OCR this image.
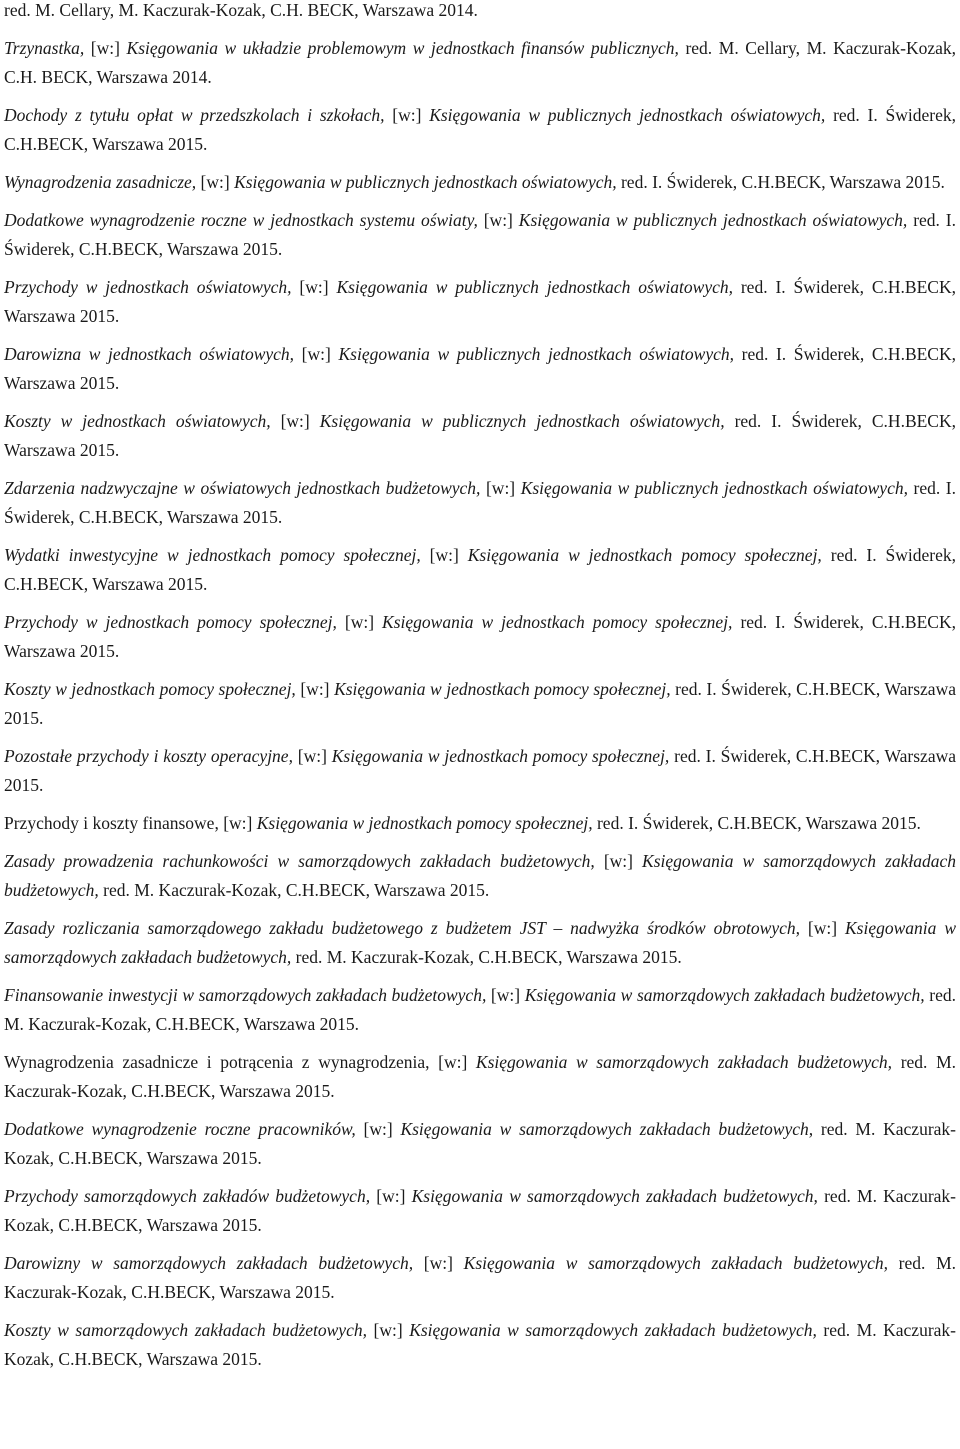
red. M. Cellary, M. Kaczurak-Kozak, C.H. BECK, Warszawa 2014.

Trzynastka, [w:] Księgowania w układzie problemowym w jednostkach finansów publicznych, red. M. Cellary, M. Kaczurak-Kozak, C.H. BECK, Warszawa 2014.

Dochody z tytułu opłat w przedszkolach i szkołach, [w:] Księgowania w publicznych jednostkach oświatowych, red. I. Świderek, C.H.BECK, Warszawa 2015.

Wynagrodzenia zasadnicze, [w:] Księgowania w publicznych jednostkach oświatowych, red. I. Świderek, C.H.BECK, Warszawa 2015.

Dodatkowe wynagrodzenie roczne w jednostkach systemu oświaty, [w:] Księgowania w publicznych jednostkach oświatowych, red. I. Świderek, C.H.BECK, Warszawa 2015.

Przychody w jednostkach oświatowych, [w:] Księgowania w publicznych jednostkach oświatowych, red. I. Świderek, C.H.BECK, Warszawa 2015.

Darowizna w jednostkach oświatowych, [w:] Księgowania w publicznych jednostkach oświatowych, red. I. Świderek, C.H.BECK, Warszawa 2015.

Koszty w jednostkach oświatowych, [w:] Księgowania w publicznych jednostkach oświatowych, red. I. Świderek, C.H.BECK, Warszawa 2015.

Zdarzenia nadzwyczajne w oświatowych jednostkach budżetowych, [w:] Księgowania w publicznych jednostkach oświatowych, red. I. Świderek, C.H.BECK, Warszawa 2015.

Wydatki inwestycyjne w jednostkach pomocy społecznej, [w:] Księgowania w jednostkach pomocy społecznej, red. I. Świderek, C.H.BECK, Warszawa 2015.

Przychody w jednostkach pomocy społecznej, [w:] Księgowania w jednostkach pomocy społecznej, red. I. Świderek, C.H.BECK, Warszawa 2015.

Koszty w jednostkach pomocy społecznej, [w:] Księgowania w jednostkach pomocy społecznej, red. I. Świderek, C.H.BECK, Warszawa 2015.

Pozostałe przychody i koszty operacyjne, [w:] Księgowania w jednostkach pomocy społecznej, red. I. Świderek, C.H.BECK, Warszawa 2015.

Przychody i koszty finansowe, [w:] Księgowania w jednostkach pomocy społecznej, red. I. Świderek, C.H.BECK, Warszawa 2015.

Zasady prowadzenia rachunkowości w samorządowych zakładach budżetowych, [w:] Księgowania w samorządowych zakładach budżetowych, red. M. Kaczurak-Kozak, C.H.BECK, Warszawa 2015.

Zasady rozliczania samorządowego zakładu budżetowego z budżetem JST – nadwyżka środków obrotowych, [w:] Księgowania w samorządowych zakładach budżetowych, red. M. Kaczurak-Kozak, C.H.BECK, Warszawa 2015.

Finansowanie inwestycji w samorządowych zakładach budżetowych, [w:] Księgowania w samorządowych zakładach budżetowych, red. M. Kaczurak-Kozak, C.H.BECK, Warszawa 2015.

Wynagrodzenia zasadnicze i potrącenia z wynagrodzenia, [w:] Księgowania w samorządowych zakładach budżetowych, red. M. Kaczurak-Kozak, C.H.BECK, Warszawa 2015.

Dodatkowe wynagrodzenie roczne pracowników, [w:] Księgowania w samorządowych zakładach budżetowych, red. M. Kaczurak-Kozak, C.H.BECK, Warszawa 2015.

Przychody samorządowych zakładów budżetowych, [w:] Księgowania w samorządowych zakładach budżetowych, red. M. Kaczurak-Kozak, C.H.BECK, Warszawa 2015.

Darowizny w samorządowych zakładach budżetowych, [w:] Księgowania w samorządowych zakładach budżetowych, red. M. Kaczurak-Kozak, C.H.BECK, Warszawa 2015.

Koszty w samorządowych zakładach budżetowych, [w:] Księgowania w samorządowych zakładach budżetowych, red. M. Kaczurak-Kozak, C.H.BECK, Warszawa 2015.
